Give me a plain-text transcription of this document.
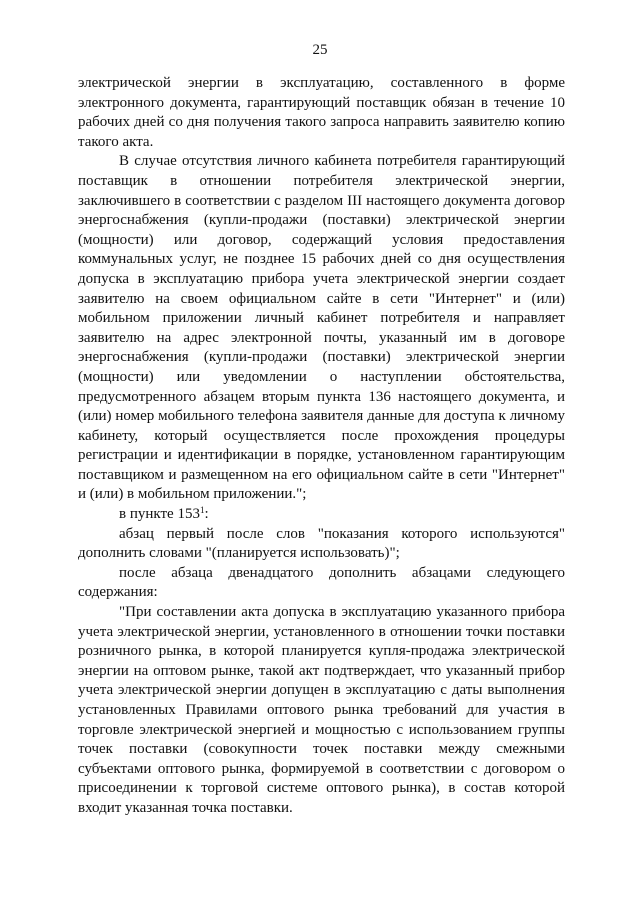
25

электрической энергии в эксплуатацию, составленного в форме электронного документа, гарантирующий поставщик обязан в течение 10 рабочих дней со дня получения такого запроса направить заявителю копию такого акта.

В случае отсутствия личного кабинета потребителя гарантирующий поставщик в отношении потребителя электрической энергии, заключившего в соответствии с разделом III настоящего документа договор энергоснабжения (купли-продажи (поставки) электрической энергии (мощности) или договор, содержащий условия предоставления коммунальных услуг, не позднее 15 рабочих дней со дня осуществления допуска в эксплуатацию прибора учета электрической энергии создает заявителю на своем официальном сайте в сети "Интернет" и (или) мобильном приложении личный кабинет потребителя и направляет заявителю на адрес электронной почты, указанный им в договоре энергоснабжения (купли-продажи (поставки) электрической энергии (мощности) или уведомлении о наступлении обстоятельства, предусмотренного абзацем вторым пункта 136 настоящего документа, и (или) номер мобильного телефона заявителя данные для доступа к личному кабинету, который осуществляется после прохождения процедуры регистрации и идентификации в порядке, установленном гарантирующим поставщиком и размещенном на его официальном сайте в сети "Интернет" и (или) в мобильном приложении.";

в пункте $153^1$:

абзац первый после слов "показания которого используются" дополнить словами "(планируется использовать)";

после абзаца двенадцатого дополнить абзацами следующего содержания:

"При составлении акта допуска в эксплуатацию указанного прибора учета электрической энергии, установленного в отношении точки поставки розничного рынка, в которой планируется купля-продажа электрической энергии на оптовом рынке, такой акт подтверждает, что указанный прибор учета электрической энергии допущен в эксплуатацию с даты выполнения установленных Правилами оптового рынка требований для участия в торговле электрической энергией и мощностью с использованием группы точек поставки (совокупности точек поставки между смежными субъектами оптового рынка, формируемой в соответствии с договором о присоединении к торговой системе оптового рынка), в состав которой входит указанная точка поставки.
